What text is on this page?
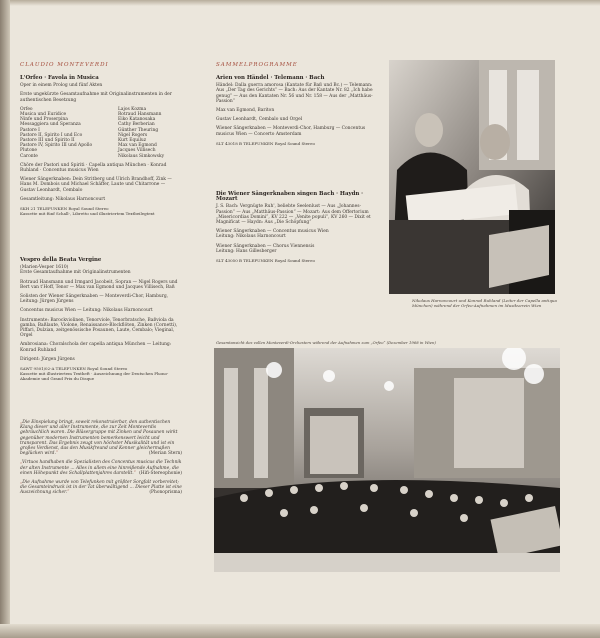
CLAUDIO MONTEVERDI
L'Orfeo · Favola in Musica

Oper in einem Prolog und fünf Akten

Erste ungekürzte Gesamtaufnahme mit Originalinstrumenten in der authentischen Besetzung

Orfeo	Lajos Kozma
Musica und Euridice	Rotraud Hansmann
Ninfe und Proserpina	Eiko Katanosaka
Messaggiera und Speranza	Cathy Berberian
Pastore I	Günther Theuring
Pastore II, Spirito I und Eco	Nigel Rogers
Pastore III und Spirito II	Kurt Equiluz
Pastore IV, Spirito III und Apollo	Max van Egmond
Plutone	Jacques Villisech
Caronte	Nikolaus Simkowsky

Chöre der Pastori und Spiriti · Capella antiqua München · Konrad Ruhland · Concentus musicus Wien

Wiener Sängerknaben: Dein Stritberg und Ulrich Brandhoff, Zink — Hans M. Dombois und Michael Schäffer, Laute und Chitarrone — Gustav Leonhardt, Cembalo

Gesamtleitung: Nikolaus Harnoncourt

SKH 21 TELEFUNKEN Royal Sound Stereo

Kassette mit fünf Schall-, Libretto und illustriertem Textbeilegtext

Vespro della Beata Vergine

(Marien-Vesper 1610)

Erste Gesamtaufnahme mit Originalinstrumenten

Rotraud Hansmann und Irmgard Jacobeit, Sopran — Nigel Rogers und Bert van t'Hoff, Tenor — Max van Egmond und Jacques Villisech, Baß

Solisten der Wiener Sängerknaben — Monteverdi-Chor, Hamburg, Leitung: Jürgen Jürgens

Concentus musicus Wien — Leitung: Nikolaus Harnoncourt

Instrumente: Barockviolinen, Tenorviole, Tenorbratsche, Baßviola da gamba, Baßlaute, Violone, Renaissance-Blockflöten, Zinken (Cornetti), Piffari, Dulzian, zeitgenössische Posaunen, Laute, Cembalo; Vieginal, Orgel

Ambrosiana: Choralschola der capella antiqua München — Leitung: Konrad Ruhland

Dirigent: Jürgen Jürgens

SAWT 9501/02-A TELEFUNKEN Royal Sound Stereo

Kassette mit illustriertem Textheft · Auszeichnung der Deutschen Phono-Akademie und Grand Prix du Disque

„Die Einspielung bringt, soweit rekonstruierbar, den authentischen Klang dieser und aller Instrumente, die zur Zeit Monteverdis gebräuchlich waren. Die Bläsergruppe mit Zinken und Posaunen wirkt gegenüber modernen Instrumenten bemerkenswert leicht und transparent. Das Ergebnis zeugt von höchster Musikalität und ist ein großes Verdienst, das den Musikfreund und Kenner gleichermaßen beglücken wird.“	(Merian Stern)

„Virtuos handhaben die Spezialisten des Concentus musicus die Technik der alten Instrumente ... Alles in allem eine hinreißende Aufnahme, die einen Höhepunkt des Schallplattenjahres darstellt.“ (Hifi-Stereophonie)

„Die Aufnahme wurde von Telefunken mit größter Sorgfalt vorbereitet; die Gesamteindruck ist in der Tat überwältigend ... Dieser Platte ist eine Auszeichnung sicher.“	(Phonoprisma)

SAMMELPROGRAMME
Arien von Händel · Telemann · Bach

Händel: Dalla guerra amorosa (Kantate für Baß und Bc.) — Telemann: Aus „Der Tag des Gerichts“ — Bach: Aus der Kantate Nr. 82 „Ich habe genug“ — Aus den Kantaten Nr. 56 und Nr. 158 — Aus der „Matthäus-Passion“

Max van Egmond, Bariton

Gustav Leonhardt, Cembalo und Orgel

Wiener Sängerknaben — Monteverdi-Chor, Hamburg — Concentus musicus Wien — Concerto Amsterdam

SLT 43018 B TELEFUNKEN Royal Sound Stereo

Die Wiener Sängerknaben singen Bach · Haydn · Mozart

J. S. Bach: Vergnügte Ruh', beliebte Seelenlust — Aus „Johannes-Passion“ — Aus „Matthäus-Passion“ — Mozart: Aus dem Offertorium „Misericordias Domini“, KV 222 — „Venite populi“, KV 260 — Dixit et Magnificat — Haydn: Aus „Die Schöpfung“

Wiener Sängerknaben — Concentus musicus Wien

Leitung: Nikolaus Harnoncourt

Wiener Sängerknaben — Chorus Viennensis

Leitung: Hans Gillesberger

SLT 43050 B TELEFUNKEN Royal Sound Stereo

Nikolaus Harnoncourt und Konrad Ruhland (Leiter der Capella antiqua München) während der Orfeo-Aufnahmen im Musikverein Wien
Gesamtansicht des vollen Monteverdi-Orchesters während der Aufnahmen zum „Orfeo“ (Dezember 1968 in Wien)
